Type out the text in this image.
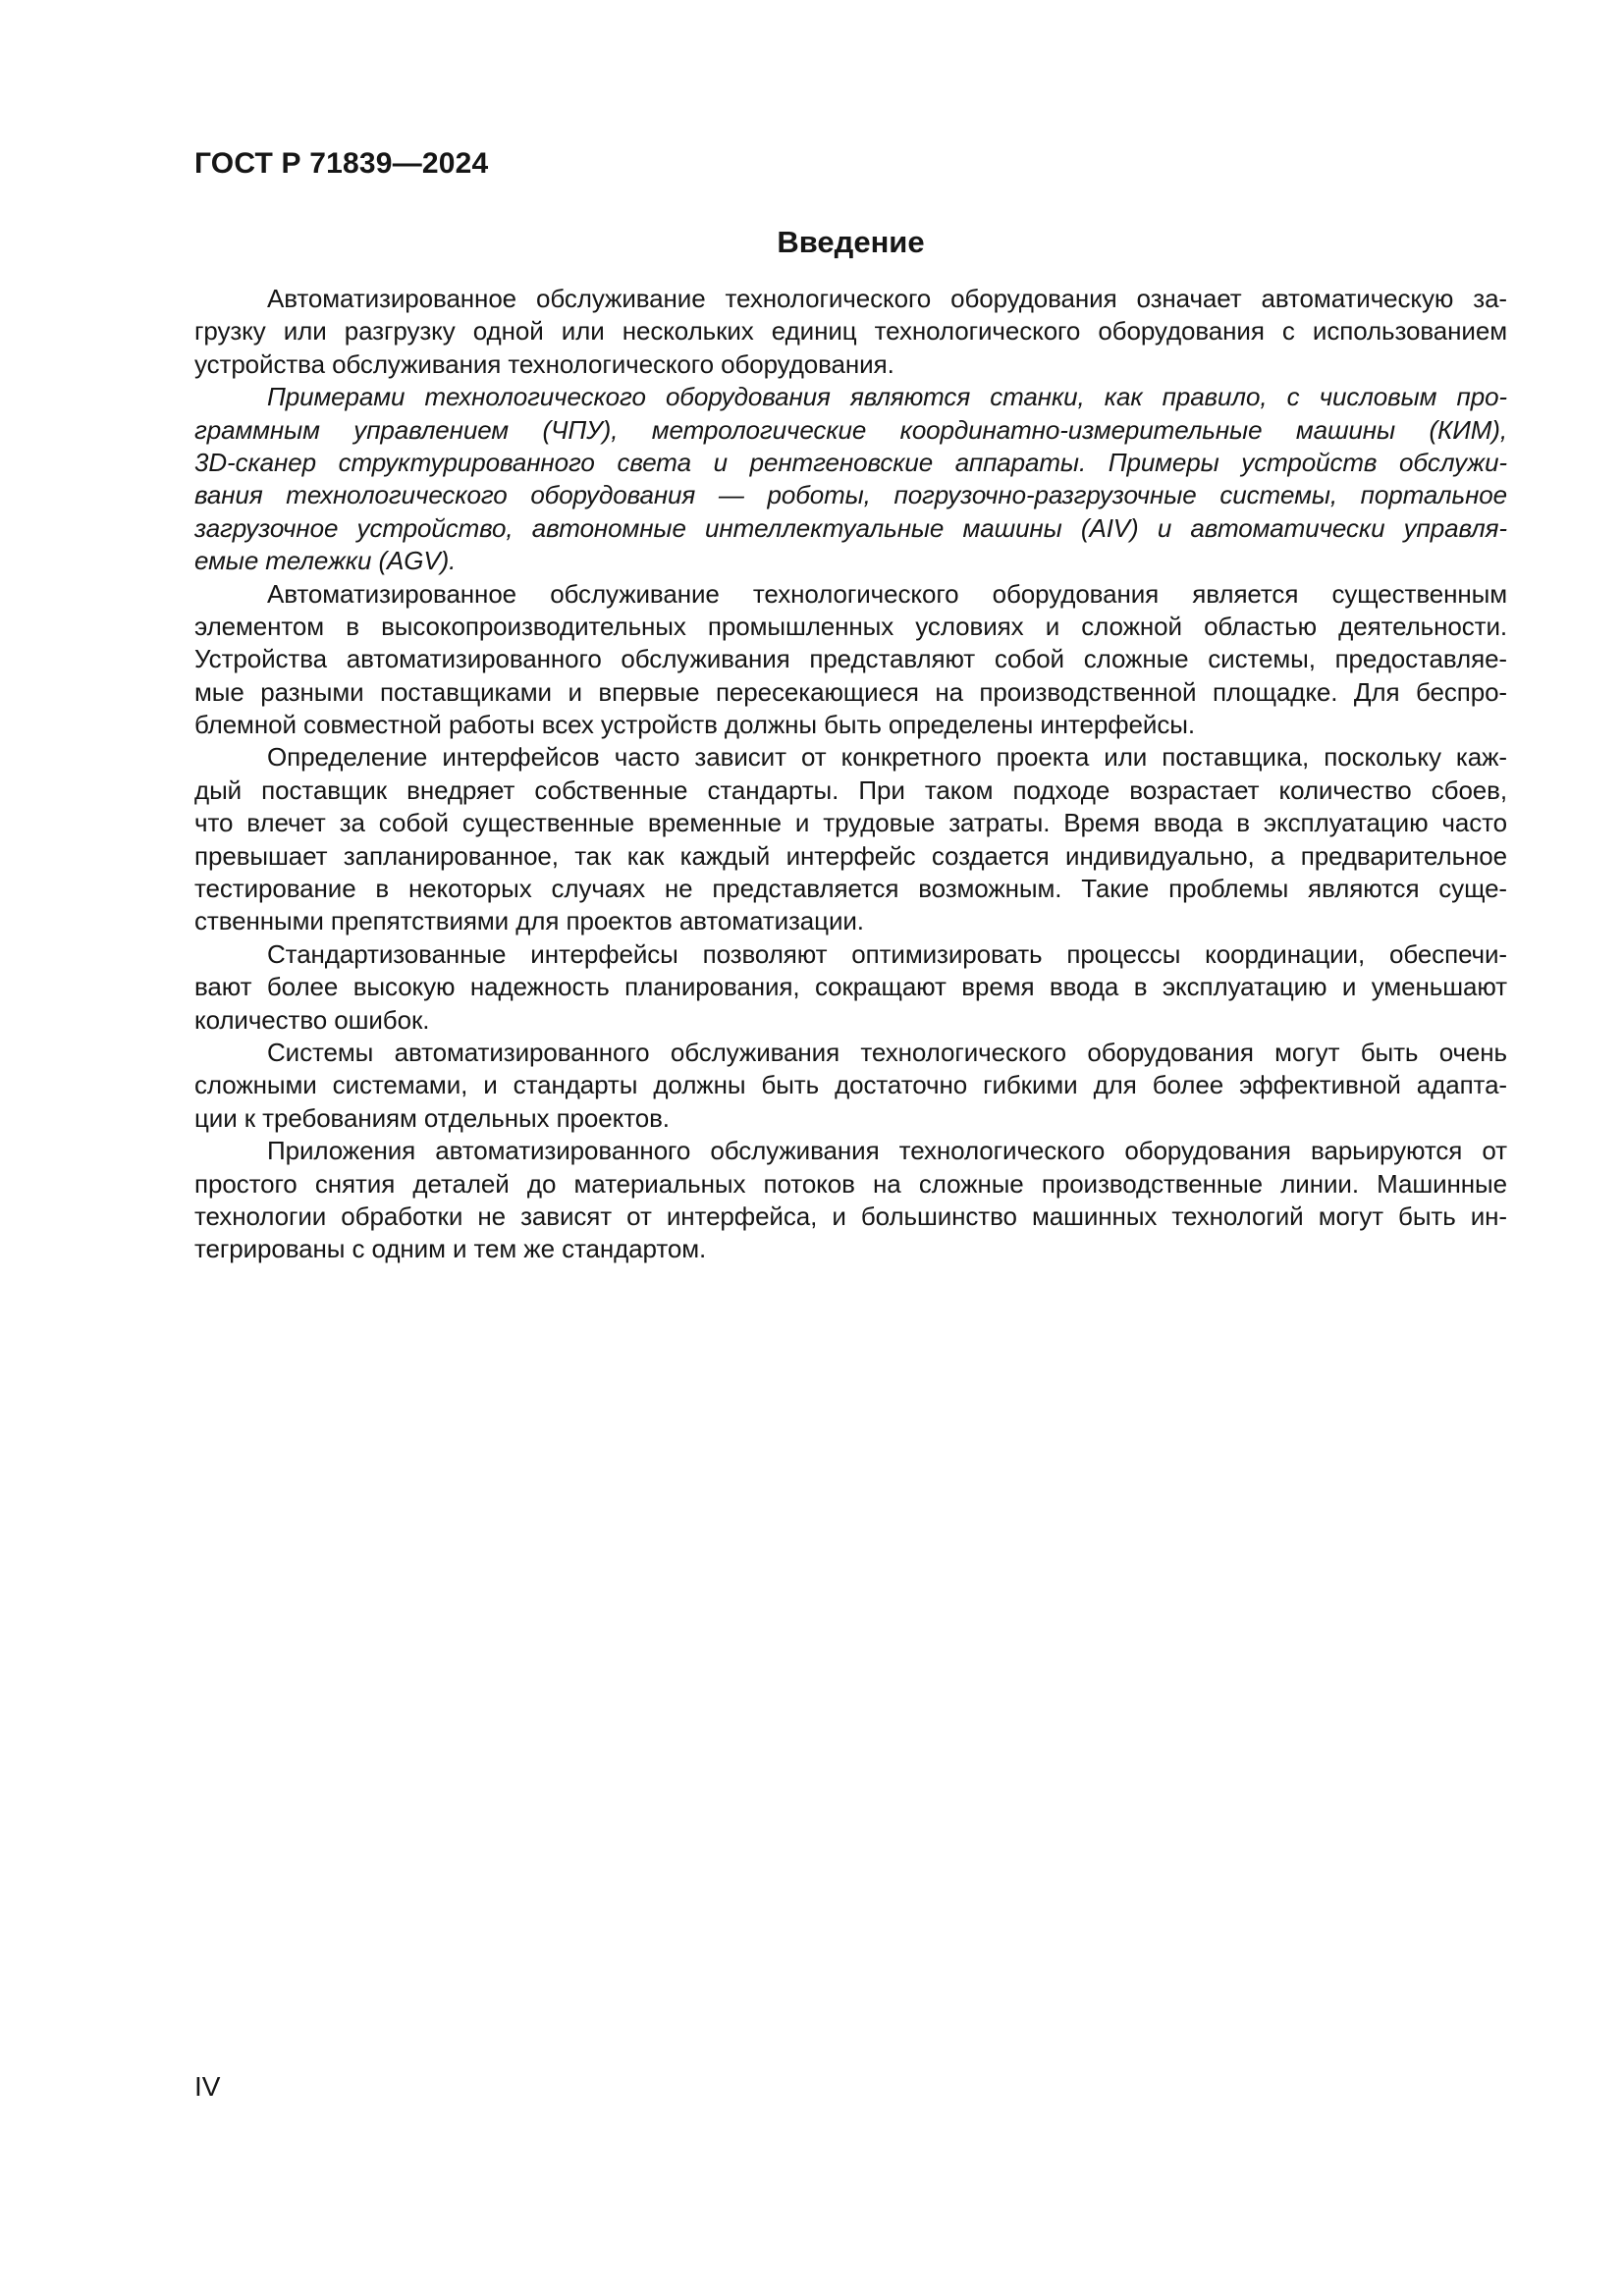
ГОСТ Р 71839—2024
Введение
Автоматизированное обслуживание технологического оборудования означает автоматическую за-
грузку или разгрузку одной или нескольких единиц технологического оборудования с использованием
устройства обслуживания технологического оборудования.
Примерами технологического оборудования являются станки, как правило, с числовым про-
граммным управлением (ЧПУ), метрологические координатно-измерительные машины (КИМ),
3D-сканер структурированного света и рентгеновские аппараты. Примеры устройств обслужи-
вания технологического оборудования — роботы, погрузочно-разгрузочные системы, портальное
загрузочное устройство, автономные интеллектуальные машины (AIV) и автоматически управля-
емые тележки (AGV).
Автоматизированное обслуживание технологического оборудования является существенным
элементом в высокопроизводительных промышленных условиях и сложной областью деятельности.
Устройства автоматизированного обслуживания представляют собой сложные системы, предоставляе-
мые разными поставщиками и впервые пересекающиеся на производственной площадке. Для беспро-
блемной совместной работы всех устройств должны быть определены интерфейсы.
Определение интерфейсов часто зависит от конкретного проекта или поставщика, поскольку каж-
дый поставщик внедряет собственные стандарты. При таком подходе возрастает количество сбоев,
что влечет за собой существенные временные и трудовые затраты. Время ввода в эксплуатацию часто
превышает запланированное, так как каждый интерфейс создается индивидуально, а предварительное
тестирование в некоторых случаях не представляется возможным. Такие проблемы являются суще-
ственными препятствиями для проектов автоматизации.
Стандартизованные интерфейсы позволяют оптимизировать процессы координации, обеспечи-
вают более высокую надежность планирования, сокращают время ввода в эксплуатацию и уменьшают
количество ошибок.
Системы автоматизированного обслуживания технологического оборудования могут быть очень
сложными системами, и стандарты должны быть достаточно гибкими для более эффективной адапта-
ции к требованиям отдельных проектов.
Приложения автоматизированного обслуживания технологического оборудования варьируются от
простого снятия деталей до материальных потоков на сложные производственные линии. Машинные
технологии обработки не зависят от интерфейса, и большинство машинных технологий могут быть ин-
тегрированы с одним и тем же стандартом.
IV
